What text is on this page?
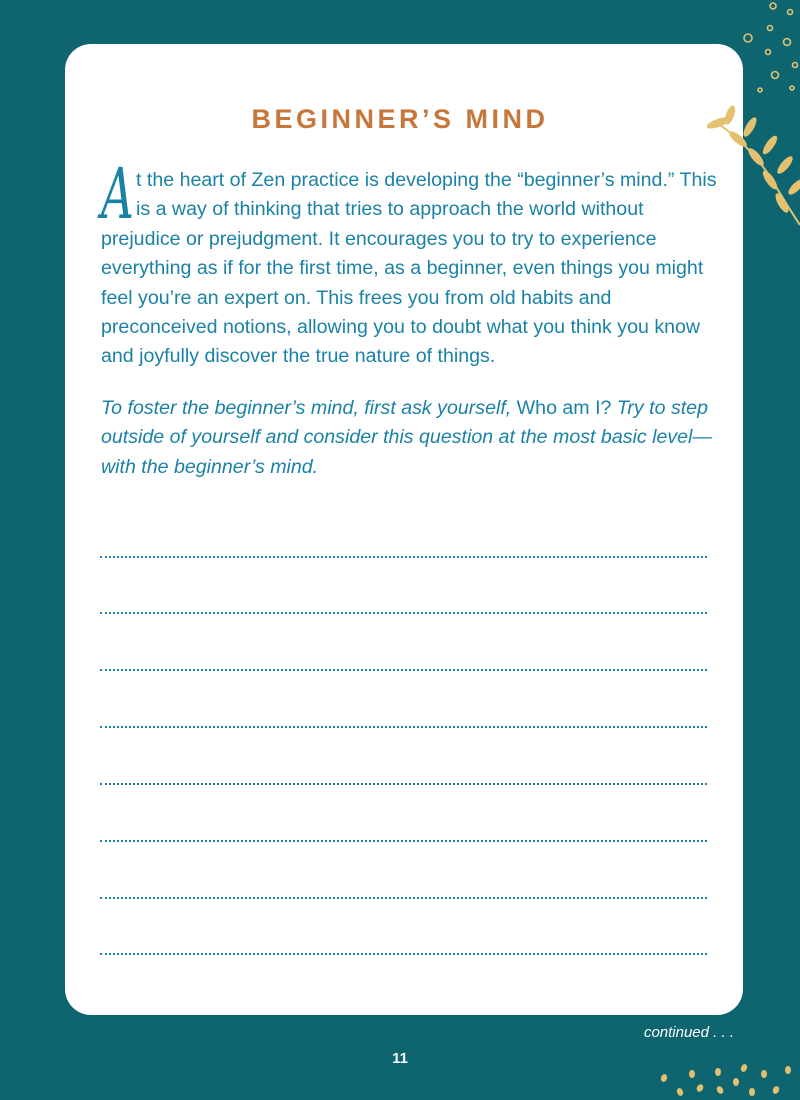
BEGINNER’S MIND

At the heart of Zen practice is developing the “beginner’s mind.” This is a way of thinking that tries to approach the world without prejudice or prejudgment. It encourages you to try to experience everything as if for the first time, as a beginner, even things you might feel you’re an expert on. This frees you from old habits and preconceived notions, allowing you to doubt what you think you know and joyfully discover the true nature of things.

To foster the beginner’s mind, first ask yourself, Who am I? Try to step outside of yourself and consider this question at the most basic level—with the beginner’s mind.

continued . . .
11
